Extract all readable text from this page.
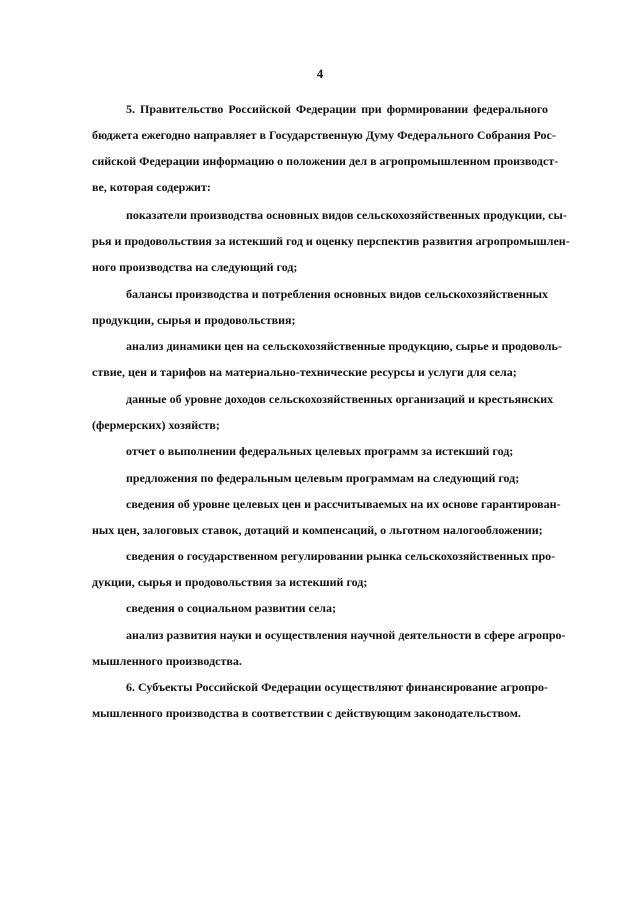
4
5. Правительство Российской Федерации при формировании федерального
бюджета ежегодно направляет в Государственную Думу Федерального Собрания Рос-
сийской Федерации информацию о положении дел в агропромышленном производст-
ве, которая содержит:
показатели производства основных видов сельскохозяйственных продукции, сы-
рья и продовольствия за истекший год и оценку перспектив развития агропромышлен-
ного производства на следующий год;
балансы производства и потребления основных видов сельскохозяйственных
продукции, сырья и продовольствия;
анализ динамики цен на сельскохозяйственные продукцию, сырье и продоволь-
ствие, цен и тарифов на материально-технические ресурсы и услуги для села;
данные об уровне доходов сельскохозяйственных организаций и крестьянских
(фермерских) хозяйств;
отчет о выполнении федеральных целевых программ за истекший год;
предложения по федеральным целевым программам на следующий год;
сведения об уровне целевых цен и рассчитываемых на их основе гарантирован-
ных цен, залоговых ставок, дотаций и компенсаций, о льготном налогообложении;
сведения о государственном регулировании рынка сельскохозяйственных про-
дукции, сырья и продовольствия за истекший год;
сведения о социальном развитии села;
анализ развития науки и осуществления научной деятельности в сфере агропро-
мышленного производства.
6. Субъекты Российской Федерации осуществляют финансирование агропро-
мышленного производства в соответствии с действующим законодательством.
